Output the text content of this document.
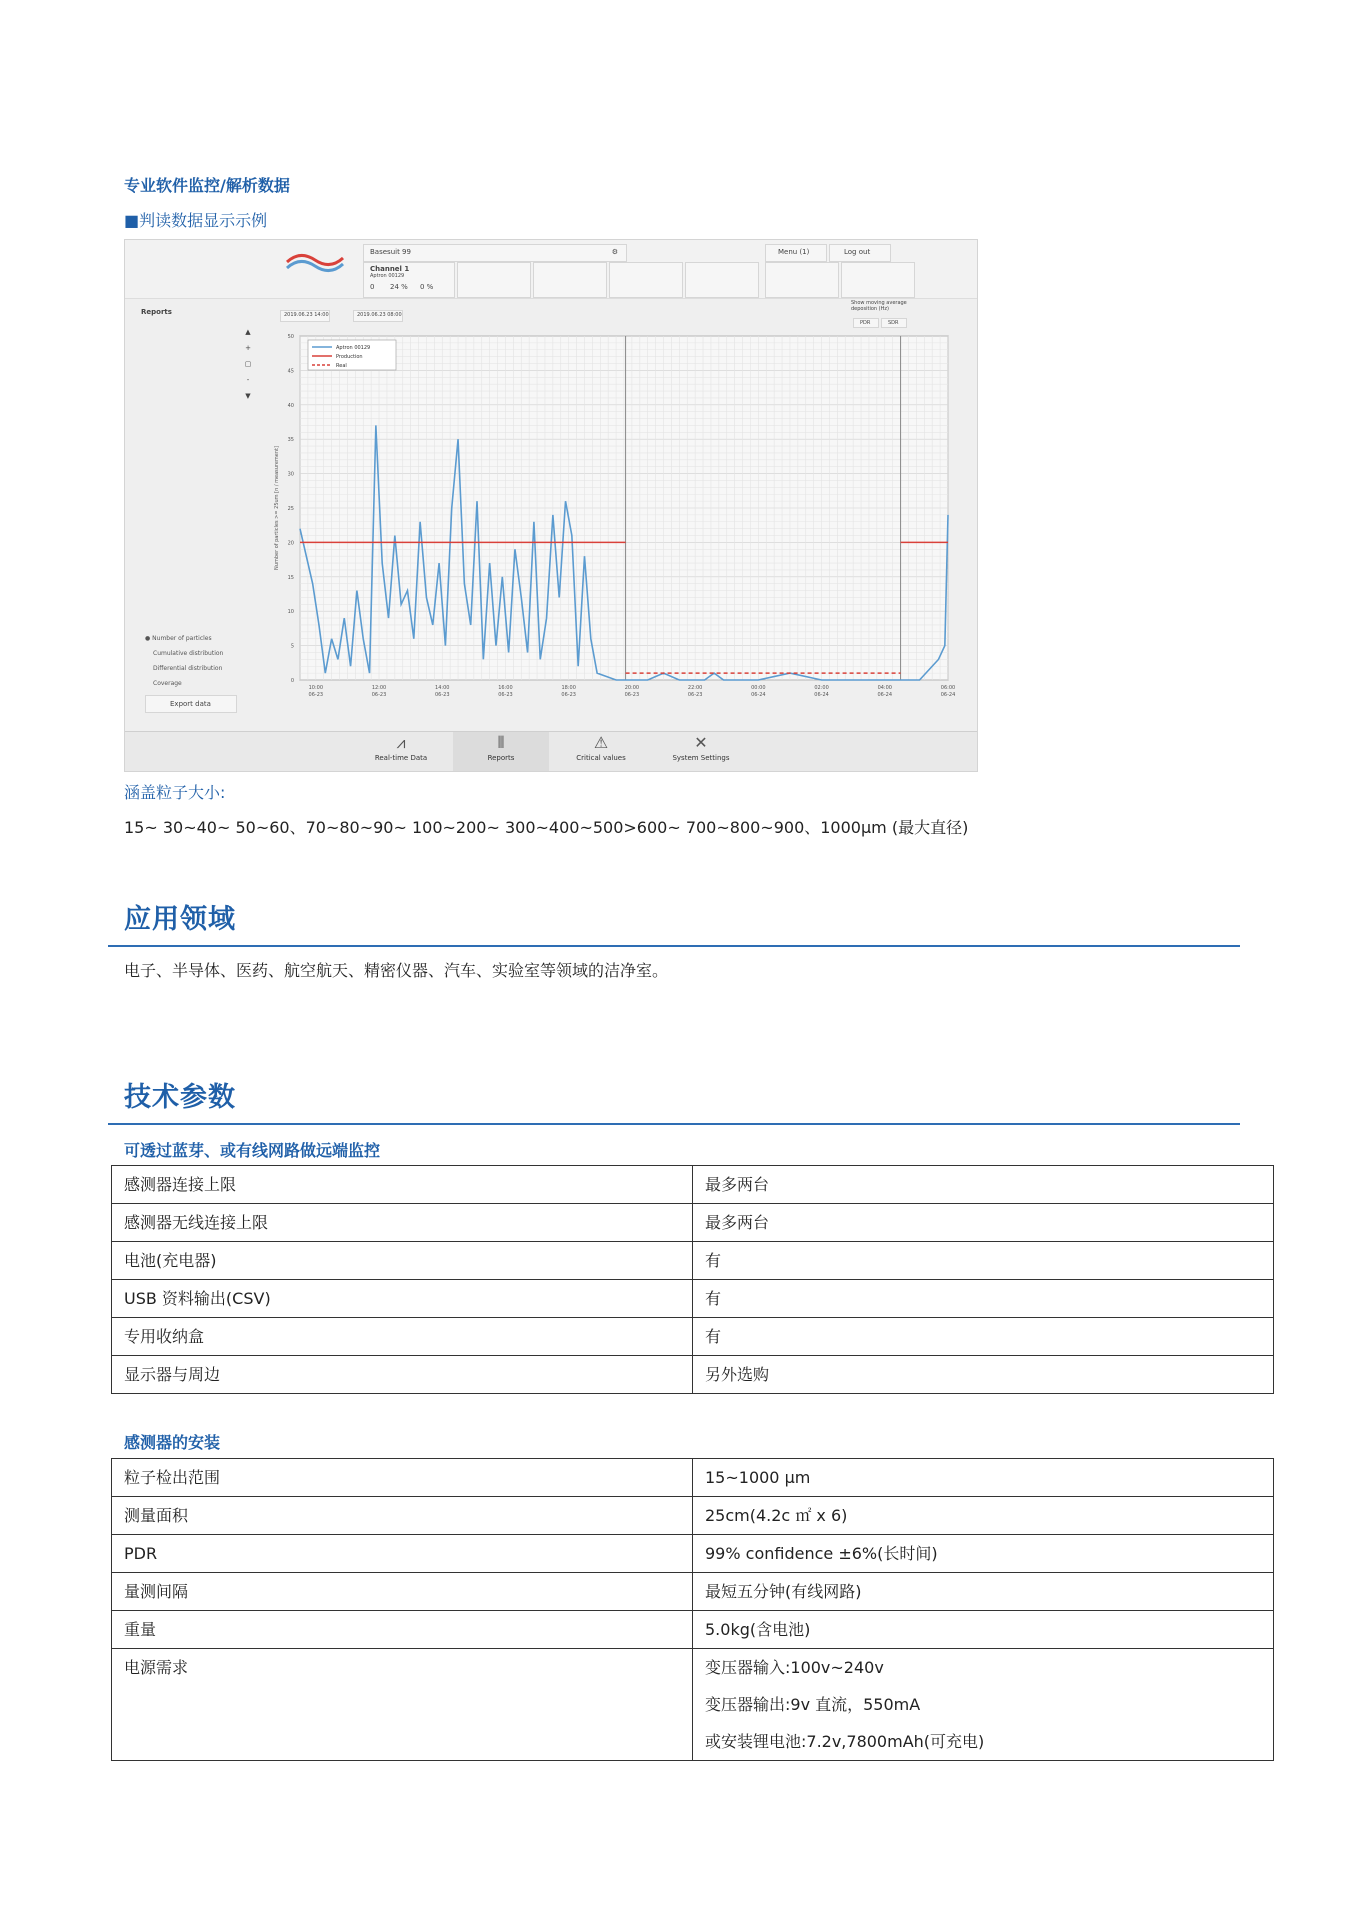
专业软件监控/解析数据
■判读数据显示示例
Basesuit 99	⚙
Channel 1
Aptron 00129
0 24 % 0 %
Menu (1)	Log out
Reports	2019.06.23 14:00	2019.06.23 08:00
Show moving average deposition (Hz)
PDR	SDR
▲
+
▢
-
▼
● Number of particles
Cumulative distribution
Differential distribution
Coverage
Export data
0
5
10
15
20
25
30
35
40
45
50
10:00
06-23
12:00
06-23
14:00
06-23
16:00
06-23
18:00
06-23
20:00
06-23
22:00
06-23
00:00
06-24
02:00
06-24
04:00
06-24
06:00
06-24
Number of particles >= 25um [n / measurement]
Aptron 00129
Production
Real
⩘
Real-time Data
⦀
Reports
⚠
Critical values
✕
System Settings
涵盖粒子大小:
15~ 30~40~ 50~60、70~80~90~ 100~200~ 300~400~500>600~ 700~800~900、1000μm (最大直径)
应用领域
电子、半导体、医药、航空航天、精密仪器、汽车、实验室等领域的洁净室。
技术参数
可透过蓝芽、或有线网路做远端监控
感测器连接上限	最多两台

感测器无线连接上限	最多两台

电池(充电器)	有

USB 资料输出(CSV)	有

专用收纳盒	有

显示器与周边	另外选购
感测器的安装
粒子检出范围	15~1000 μm

测量面积	25cm(4.2c ㎡ x 6)

PDR	99% confidence ±6%(长时间)

量测间隔	最短五分钟(有线网路)

重量	5.0kg(含电池)

电源需求	变压器输入:100v~240v
变压器输出:9v 直流，550mA
或安装锂电池:7.2v,7800mAh(可充电)
